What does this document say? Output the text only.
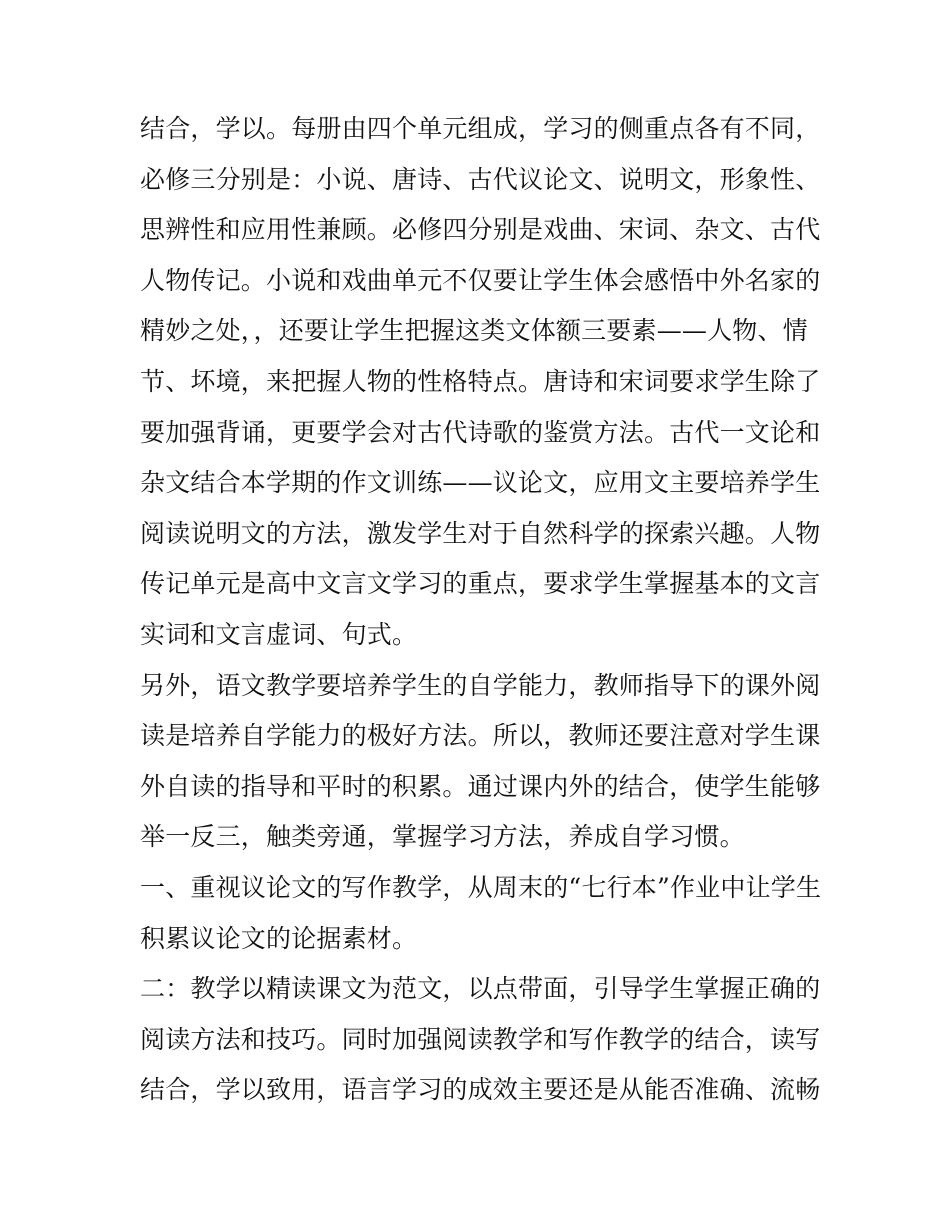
结合，学以。每册由四个单元组成，学习的侧重点各有不同，
必修三分别是：小说、唐诗、古代议论文、说明文，形象性、
思辨性和应用性兼顾。必修四分别是戏曲、宋词、杂文、古代
人物传记。小说和戏曲单元不仅要让学生体会感悟中外名家的
精妙之处，，还要让学生把握这类文体额三要素——人物、情
节、坏境，来把握人物的性格特点。唐诗和宋词要求学生除了
要加强背诵，更要学会对古代诗歌的鉴赏方法。古代一文论和
杂文结合本学期的作文训练——议论文，应用文主要培养学生
阅读说明文的方法，激发学生对于自然科学的探索兴趣。人物
传记单元是高中文言文学习的重点，要求学生掌握基本的文言
实词和文言虚词、句式。
另外，语文教学要培养学生的自学能力，教师指导下的课外阅
读是培养自学能力的极好方法。所以，教师还要注意对学生课
外自读的指导和平时的积累。通过课内外的结合，使学生能够
举一反三，触类旁通，掌握学习方法，养成自学习惯。
一、重视议论文的写作教学，从周末的“七行本”作业中让学生
积累议论文的论据素材。
二：教学以精读课文为范文，以点带面，引导学生掌握正确的
阅读方法和技巧。同时加强阅读教学和写作教学的结合，读写
结合，学以致用，语言学习的成效主要还是从能否准确、流畅
